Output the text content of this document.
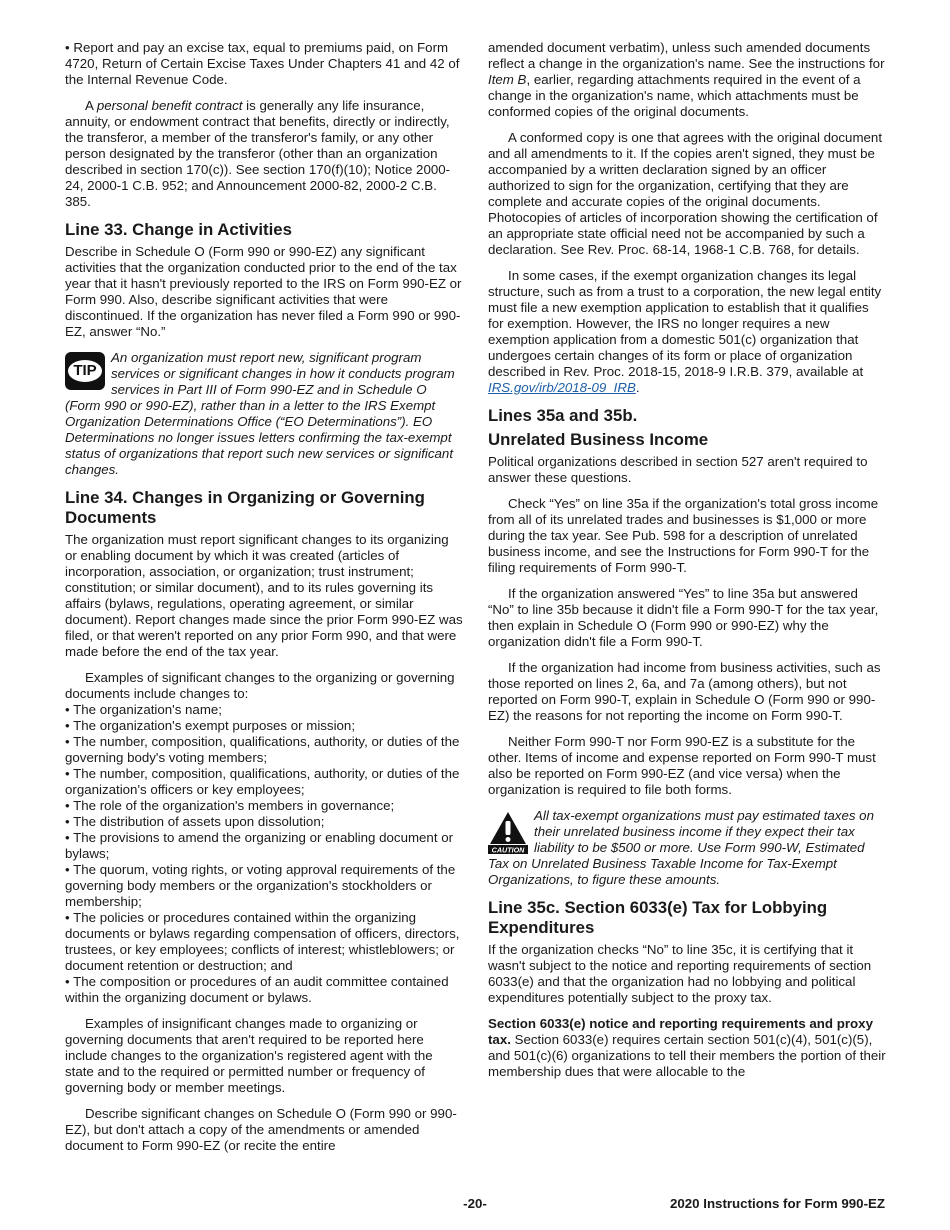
• Report and pay an excise tax, equal to premiums paid, on Form 4720, Return of Certain Excise Taxes Under Chapters 41 and 42 of the Internal Revenue Code.

A personal benefit contract is generally any life insurance, annuity, or endowment contract that benefits, directly or indirectly, the transferor, a member of the transferor's family, or any other person designated by the transferor (other than an organization described in section 170(c)). See section 170(f)(10); Notice 2000-24, 2000-1 C.B. 952; and Announcement 2000-82, 2000-2 C.B. 385.

Line 33. Change in Activities

Describe in Schedule O (Form 990 or 990-EZ) any significant activities that the organization conducted prior to the end of the tax year that it hasn't previously reported to the IRS on Form 990-EZ or Form 990. Also, describe significant activities that were discontinued. If the organization has never filed a Form 990 or 990-EZ, answer “No.”

TIP
An organization must report new, significant program services or significant changes in how it conducts program services in Part III of Form 990-EZ and in Schedule O (Form 990 or 990-EZ), rather than in a letter to the IRS Exempt Organization Determinations Office (“EO Determinations”). EO Determinations no longer issues letters confirming the tax-exempt status of organizations that report such new services or significant changes.
Line 34. Changes in Organizing or Governing Documents

The organization must report significant changes to its organizing or enabling document by which it was created (articles of incorporation, association, or organization; trust instrument; constitution; or similar document), and to its rules governing its affairs (bylaws, regulations, operating agreement, or similar document). Report changes made since the prior Form 990-EZ was filed, or that weren't reported on any prior Form 990, and that were made before the end of the tax year.

Examples of significant changes to the organizing or governing documents include changes to:

• The organization's name;

• The organization's exempt purposes or mission;

• The number, composition, qualifications, authority, or duties of the governing body's voting members;

• The number, composition, qualifications, authority, or duties of the organization's officers or key employees;

• The role of the organization's members in governance;

• The distribution of assets upon dissolution;

• The provisions to amend the organizing or enabling document or bylaws;

• The quorum, voting rights, or voting approval requirements of the governing body members or the organization's stockholders or membership;

• The policies or procedures contained within the organizing documents or bylaws regarding compensation of officers, directors, trustees, or key employees; conflicts of interest; whistleblowers; or document retention or destruction; and

• The composition or procedures of an audit committee contained within the organizing document or bylaws.

Examples of insignificant changes made to organizing or governing documents that aren't required to be reported here include changes to the organization's registered agent with the state and to the required or permitted number or frequency of governing body or member meetings.

Describe significant changes on Schedule O (Form 990 or 990-EZ), but don't attach a copy of the amendments or amended document to Form 990-EZ (or recite the entire

amended document verbatim), unless such amended documents reflect a change in the organization's name. See the instructions for Item B, earlier, regarding attachments required in the event of a change in the organization's name, which attachments must be conformed copies of the original documents.

A conformed copy is one that agrees with the original document and all amendments to it. If the copies aren't signed, they must be accompanied by a written declaration signed by an officer authorized to sign for the organization, certifying that they are complete and accurate copies of the original documents. Photocopies of articles of incorporation showing the certification of an appropriate state official need not be accompanied by such a declaration. See Rev. Proc. 68-14, 1968-1 C.B. 768, for details.

In some cases, if the exempt organization changes its legal structure, such as from a trust to a corporation, the new legal entity must file a new exemption application to establish that it qualifies for exemption. However, the IRS no longer requires a new exemption application from a domestic 501(c) organization that undergoes certain changes of its form or place of organization described in Rev. Proc. 2018-15, 2018-9 I.R.B. 379, available at IRS.gov/irb/2018-09_IRB.

Lines 35a and 35b.
Unrelated Business Income

Political organizations described in section 527 aren't required to answer these questions.

Check “Yes” on line 35a if the organization's total gross income from all of its unrelated trades and businesses is $1,000 or more during the tax year. See Pub. 598 for a description of unrelated business income, and see the Instructions for Form 990-T for the filing requirements of Form 990-T.

If the organization answered “Yes” to line 35a but answered “No” to line 35b because it didn't file a Form 990-T for the tax year, then explain in Schedule O (Form 990 or 990-EZ) why the organization didn't file a Form 990-T.

If the organization had income from business activities, such as those reported on lines 2, 6a, and 7a (among others), but not reported on Form 990-T, explain in Schedule O (Form 990 or 990-EZ) the reasons for not reporting the income on Form 990-T.

Neither Form 990-T nor Form 990-EZ is a substitute for the other. Items of income and expense reported on Form 990-T must also be reported on Form 990-EZ (and vice versa) when the organization is required to file both forms.

CAUTION
All tax-exempt organizations must pay estimated taxes on their unrelated business income if they expect their tax liability to be $500 or more. Use Form 990-W, Estimated Tax on Unrelated Business Taxable Income for Tax-Exempt Organizations, to figure these amounts.
Line 35c. Section 6033(e) Tax for Lobbying Expenditures

If the organization checks “No” to line 35c, it is certifying that it wasn't subject to the notice and reporting requirements of section 6033(e) and that the organization had no lobbying and political expenditures potentially subject to the proxy tax.

Section 6033(e) notice and reporting requirements and proxy tax. Section 6033(e) requires certain section 501(c)(4), 501(c)(5), and 501(c)(6) organizations to tell their members the portion of their membership dues that were allocable to the

-20-	2020 Instructions for Form 990-EZ
